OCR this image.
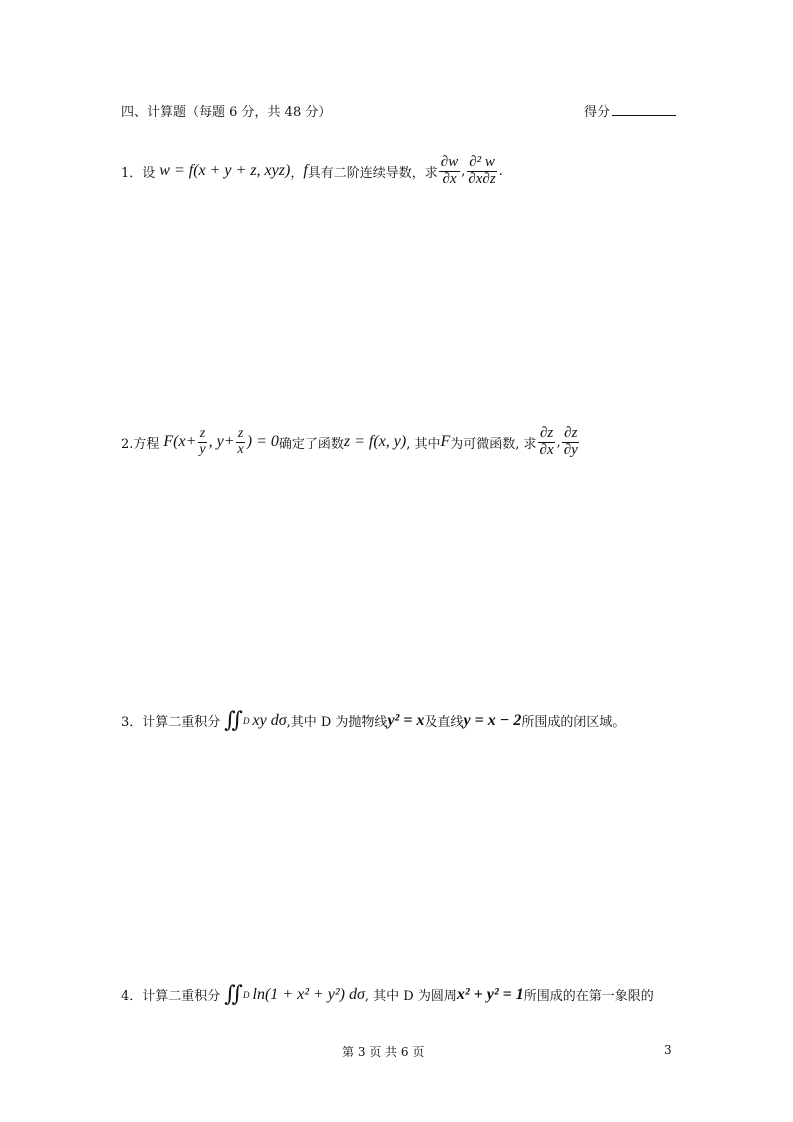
四、计算题（每题 6 分，共 48 分）	得分
1．设 w = f(x + y + z, xyz) ， f 具有二阶连续导数，求 $\frac{\partial w}{\partial x}$ , $\frac{\text{∂² w}}{\partial x\partial z}$ .
2.方程 $F(x+ \frac{z}{y}$ , $y+ \frac{z}{x}$ ) = 0 确定了函数 z = f(x, y) , 其中 F 为可微函数, 求 $\frac{\partial z}{\partial x}$ , $\frac{\partial z}{\partial y}$
3．计算二重积分 ∬ D xy dσ ,其中 D 为抛物线 y² = x 及直线 y = x − 2 所围成的闭区域。
4．计算二重积分 ∬ D ln(1 + x² + y²) dσ , 其中 D 为圆周 x² + y² = 1 所围成的在第一象限的
第 3 页 共 6 页	3
